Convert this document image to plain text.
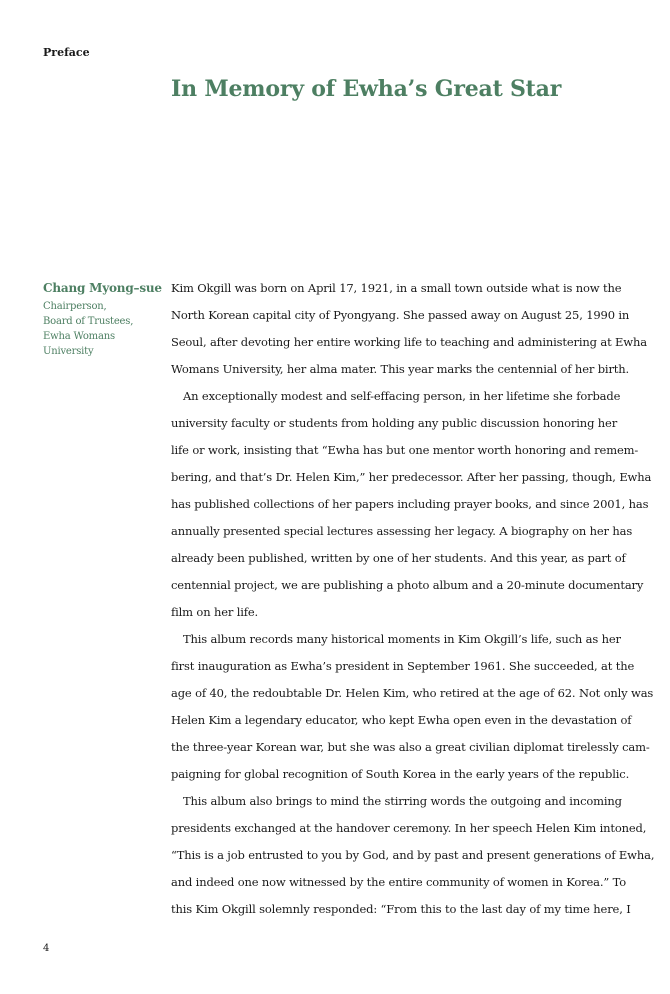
Preface
In Memory of Ewha’s Great Star
Chang Myong–sue
Chairperson,
Board of Trustees,
Ewha Womans
University
Kim Okgill was born on April 17, 1921, in a small town outside what is now the
North Korean capital city of Pyongyang. She passed away on August 25, 1990 in
Seoul, after devoting her entire working life to teaching and administering at Ewha
Womans University, her alma mater. This year marks the centennial of her birth.
An exceptionally modest and self-effacing person, in her lifetime she forbade
university faculty or students from holding any public discussion honoring her
life or work, insisting that “Ewha has but one mentor worth honoring and remem-
bering, and that’s Dr. Helen Kim,” her predecessor. After her passing, though, Ewha
has published collections of her papers including prayer books, and since 2001, has
annually presented special lectures assessing her legacy. A biography on her has
already been published, written by one of her students. And this year, as part of
centennial project, we are publishing a photo album and a 20-minute documentary
film on her life.
This album records many historical moments in Kim Okgill’s life, such as her
first inauguration as Ewha’s president in September 1961. She succeeded, at the
age of 40, the redoubtable Dr. Helen Kim, who retired at the age of 62. Not only was
Helen Kim a legendary educator, who kept Ewha open even in the devastation of
the three-year Korean war, but she was also a great civilian diplomat tirelessly cam-
paigning for global recognition of South Korea in the early years of the republic.
This album also brings to mind the stirring words the outgoing and incoming
presidents exchanged at the handover ceremony. In her speech Helen Kim intoned,
“This is a job entrusted to you by God, and by past and present generations of Ewha,
and indeed one now witnessed by the entire community of women in Korea.” To
this Kim Okgill solemnly responded: “From this to the last day of my time here, I
4
